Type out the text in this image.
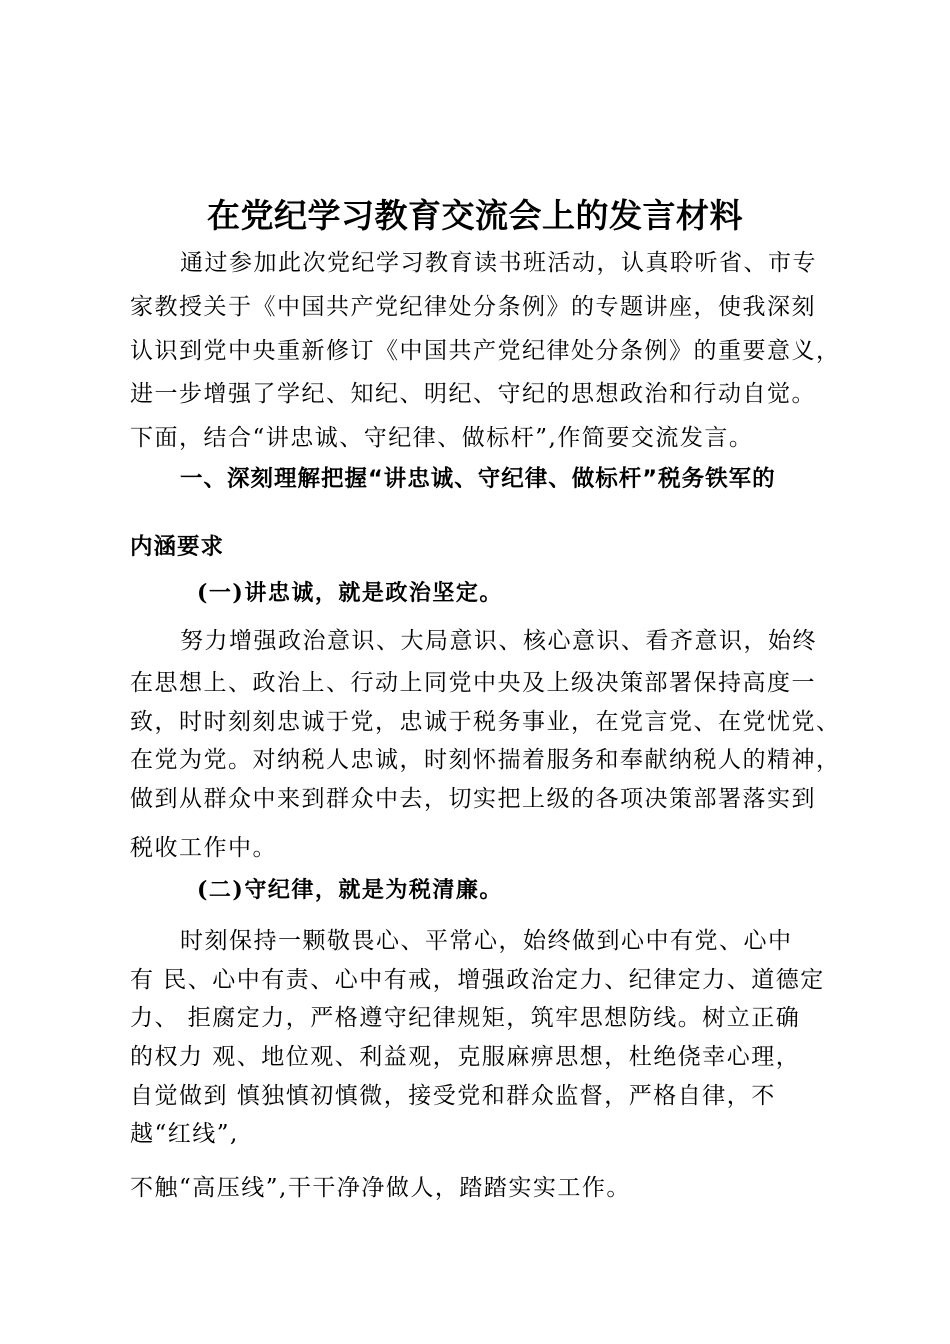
在党纪学习教育交流会上的发言材料
通过参加此次党纪学习教育读书班活动，认真聆听省、市专
家教授关于《中国共产党纪律处分条例》的专题讲座，使我深刻
认识到党中央重新修订《中国共产党纪律处分条例》的重要意义，
进一步增强了学纪、知纪、明纪、守纪的思想政治和行动自觉。
下面，结合“讲忠诚、守纪律、做标杆”,作简要交流发言。
一、深刻理解把握“讲忠诚、守纪律、做标杆”税务铁军的
内涵要求
(一)讲忠诚，就是政治坚定。
努力增强政治意识、大局意识、核心意识、看齐意识，始终
在思想上、政治上、行动上同党中央及上级决策部署保持高度一
致，时时刻刻忠诚于党，忠诚于税务事业，在党言党、在党忧党、
在党为党。对纳税人忠诚，时刻怀揣着服务和奉献纳税人的精神，
做到从群众中来到群众中去，切实把上级的各项决策部署落实到
税收工作中。
(二)守纪律，就是为税清廉。
时刻保持一颗敬畏心、平常心，始终做到心中有党、心中
有 民、心中有责、心中有戒，增强政治定力、纪律定力、道德定
力、 拒腐定力，严格遵守纪律规矩，筑牢思想防线。树立正确
的权力 观、地位观、利益观，克服麻痹思想，杜绝侥幸心理，
自觉做到 慎独慎初慎微，接受党和群众监督，严格自律，不
越“红线”,
不触“高压线”,干干净净做人，踏踏实实工作。
